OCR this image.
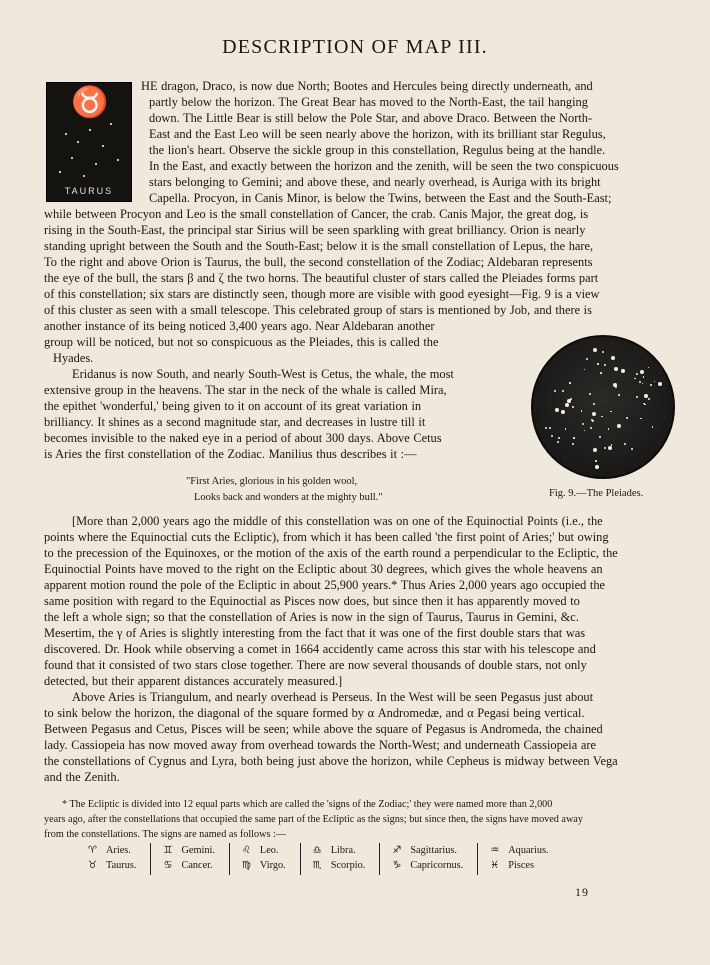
DESCRIPTION OF MAP III.
♉
TAURUS
HE dragon, Draco, is now due North; Bootes and Hercules being directly underneath, and
partly below the horizon. The Great Bear has moved to the North-East, the tail hanging
down. The Little Bear is still below the Pole Star, and above Draco. Between the North-
East and the East Leo will be seen nearly above the horizon, with its brilliant star Regulus,
the lion's heart. Observe the sickle group in this constellation, Regulus being at the handle.
In the East, and exactly between the horizon and the zenith, will be seen the two conspicuous
stars belonging to Gemini; and above these, and nearly overhead, is Auriga with its bright
Capella. Procyon, in Canis Minor, is below the Twins, between the East and the South-East;
while between Procyon and Leo is the small constellation of Cancer, the crab. Canis Major, the great dog, is
rising in the South-East, the principal star Sirius will be seen sparkling with great brilliancy. Orion is nearly
standing upright between the South and the South-East; below it is the small constellation of Lepus, the hare,
To the right and above Orion is Taurus, the bull, the second constellation of the Zodiac; Aldebaran represents
the eye of the bull, the stars β and ζ the two horns. The beautiful cluster of stars called the Pleiades forms part
of this constellation; six stars are distinctly seen, though more are visible with good eyesight—Fig. 9 is a view
of this cluster as seen with a small telescope. This celebrated group of stars is mentioned by Job, and there is
another instance of its being noticed 3,400 years ago. Near Aldebaran another
group will be noticed, but not so conspicuous as the Pleiades, this is called the
Hyades.
Eridanus is now South, and nearly South-West is Cetus, the whale, the most
extensive group in the heavens. The star in the neck of the whale is called Mira,
the epithet 'wonderful,' being given to it on account of its great variation in
brilliancy. It shines as a second magnitude star, and decreases in lustre till it
becomes invisible to the naked eye in a period of about 300 days. Above Cetus
is Aries the first constellation of the Zodiac. Manilius thus describes it :—
Fig. 9.—The Pleiades.
"First Aries, glorious in his golden wool,
Looks back and wonders at the mighty bull."
[More than 2,000 years ago the middle of this constellation was on one of the Equinoctial Points (i.e., the
points where the Equinoctial cuts the Ecliptic), from which it has been called 'the first point of Aries;' but owing
to the precession of the Equinoxes, or the motion of the axis of the earth round a perpendicular to the Ecliptic, the
Equinoctial Points have moved to the right on the Ecliptic about 30 degrees, which gives the whole heavens an
apparent motion round the pole of the Ecliptic in about 25,900 years.* Thus Aries 2,000 years ago occupied the
same position with regard to the Equinoctial as Pisces now does, but since then it has apparently moved to
the left a whole sign; so that the constellation of Aries is now in the sign of Taurus, Taurus in Gemini, &c.
Mesertim, the γ of Aries is slightly interesting from the fact that it was one of the first double stars that was
discovered. Dr. Hook while observing a comet in 1664 accidently came across this star with his telescope and
found that it consisted of two stars close together. There are now several thousands of double stars, not only
detected, but their apparent distances accurately measured.]
Above Aries is Triangulum, and nearly overhead is Perseus. In the West will be seen Pegasus just about
to sink below the horizon, the diagonal of the square formed by α Andromedæ, and α Pegasi being vertical.
Between Pegasus and Cetus, Pisces will be seen; while above the square of Pegasus is Andromeda, the chained
lady. Cassiopeia has now moved away from overhead towards the North-West; and underneath Cassiopeia are
the constellations of Cygnus and Lyra, both being just above the horizon, while Cepheus is midway between Vega
and the Zenith.
* The Ecliptic is divided into 12 equal parts which are called the 'signs of the Zodiac;' they were named more than 2,000
years ago, after the constellations that occupied the same part of the Ecliptic as the signs; but since then, the signs have moved away
from the constellations. The signs are named as follows :—
♈ Aries.
♉ Taurus.
♊ Gemini.
♋ Cancer.
♌ Leo.
♍ Virgo.
♎ Libra.
♏ Scorpio.
♐ Sagittarius.
♑ Capricornus.
♒ Aquarius.
♓ Pisces
19
